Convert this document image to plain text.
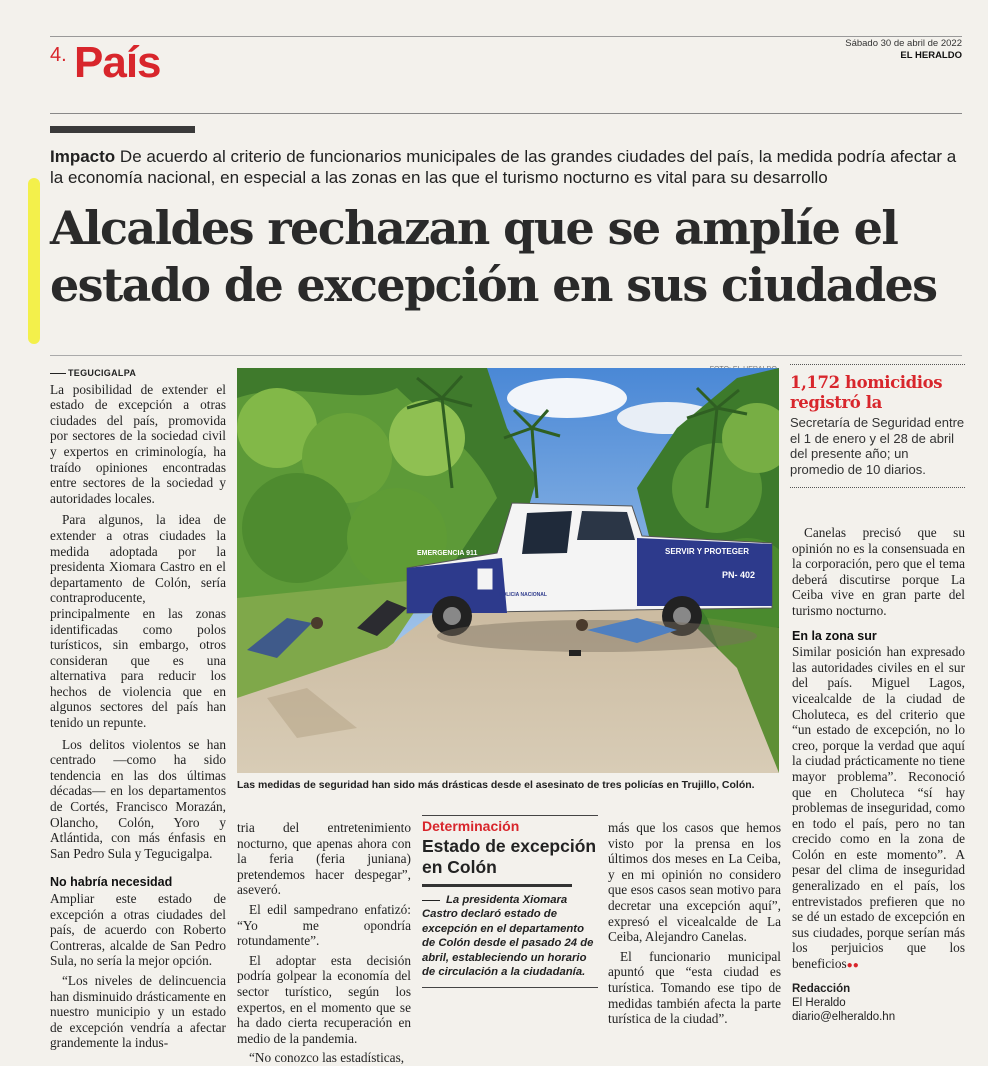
4. País	Sábado 30 de abril de 2022
EL HERALDO
Impacto De acuerdo al criterio de funcionarios municipales de las grandes ciudades del país, la medida podría afectar a la economía nacional, en especial a las zonas en las que el turismo nocturno es vital para su desarrollo
Alcaldes rechazan que se amplíe el estado de excepción en sus ciudades
EMERGENCIA 911	SERVIR Y PROTEGER
PN- 402
POLICIA NACIONAL
Las medidas de seguridad han sido más drásticas desde el asesinato de tres policías en Trujillo, Colón.
TEGUCIGALPA

La posibilidad de extender el estado de excepción a otras ciudades del país, promovida por sectores de la sociedad civil y expertos en criminología, ha traído opiniones encontradas entre sectores de la sociedad y autoridades locales.

Para algunos, la idea de extender a otras ciudades la medida adoptada por la presidenta Xiomara Castro en el departamento de Colón, sería contraproducente, principalmente en las zonas identificadas como polos turísticos, sin embargo, otros consideran que es una alternativa para reducir los hechos de violencia que en algunos sectores del país han tenido un repunte.

Los delitos violentos se han centrado —como ha sido tendencia en las dos últimas décadas— en los departamentos de Cortés, Francisco Morazán, Olancho, Colón, Yoro y Atlántida, con más énfasis en San Pedro Sula y Tegucigalpa.

No habría necesidad

Ampliar este estado de excepción a otras ciudades del país, de acuerdo con Roberto Contreras, alcalde de San Pedro Sula, no sería la mejor opción.

“Los niveles de delincuencia han disminuido drásticamente en nuestro municipio y un estado de excepción vendría a afectar grandemente la indus-

tria del entretenimiento nocturno, que apenas ahora con la feria (feria juniana) pretendemos hacer despegar”, aseveró.

El edil sampedrano enfatizó: “Yo me opondría rotundamente”.

El adoptar esta decisión podría golpear la economía del sector turístico, según los expertos, en el momento que se ha dado cierta recuperación en medio de la pandemia.

“No conozco las estadísticas,

Determinación
Estado de excepción en Colón
La presidenta Xiomara Castro declaró estado de excepción en el departamento de Colón desde el pasado 24 de abril, estableciendo un horario de circulación a la ciudadanía.

más que los casos que hemos visto por la prensa en los últimos dos meses en La Ceiba, y en mi opinión no considero que esos casos sean motivo para decretar una excepción aquí”, expresó el vicealcalde de La Ceiba, Alejandro Canelas.

El funcionario municipal apuntó que “esta ciudad es turística. Tomando ese tipo de medidas también afecta la parte turística de la ciudad”.

1,172 homicidios registró la
Secretaría de Seguridad entre el 1 de enero y el 28 de abril del presente año; un promedio de 10 diarios.

Canelas precisó que su opinión no es la consensuada en la corporación, pero que el tema deberá discutirse porque La Ceiba vive en gran parte del turismo nocturno.

En la zona sur

Similar posición han expresado las autoridades civiles en el sur del país. Miguel Lagos, vicealcalde de la ciudad de Choluteca, es del criterio que “un estado de excepción, no lo creo, porque la verdad que aquí la ciudad prácticamente no tiene mayor problema”. Reconoció que en Choluteca “sí hay problemas de inseguridad, como en todo el país, pero no tan crecido como en la zona de Colón en este momento”. A pesar del clima de inseguridad generalizado en el país, los entrevistados prefieren que no se dé un estado de excepción en sus ciudades, porque serían más los perjuicios que los beneficios●●

Redacción
El Heraldo
diario@elheraldo.hn
